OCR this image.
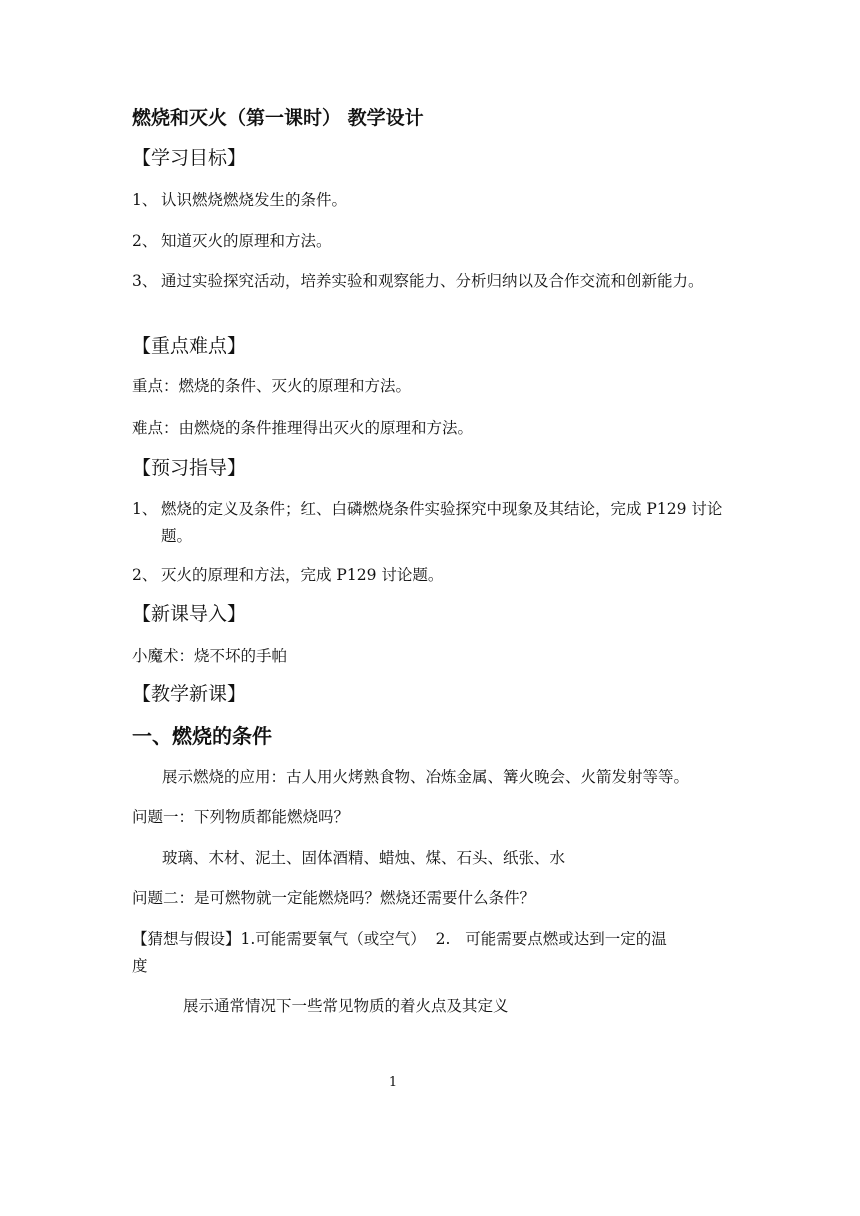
燃烧和灭火（第一课时） 教学设计
【学习目标】
1、 认识燃烧燃烧发生的条件。
2、 知道灭火的原理和方法。
3、 通过实验探究活动，培养实验和观察能力、分析归纳以及合作交流和创新能力。
【重点难点】
重点：燃烧的条件、灭火的原理和方法。
难点：由燃烧的条件推理得出灭火的原理和方法。
【预习指导】
1、 燃烧的定义及条件；红、白磷燃烧条件实验探究中现象及其结论，完成 P129 讨论题。
2、 灭火的原理和方法，完成 P129 讨论题。
【新课导入】
小魔术：烧不坏的手帕
【教学新课】
一、燃烧的条件
展示燃烧的应用：古人用火烤熟食物、冶炼金属、篝火晚会、火箭发射等等。
问题一：下列物质都能燃烧吗？
玻璃、木材、泥土、固体酒精、蜡烛、煤、石头、纸张、水
问题二：是可燃物就一定能燃烧吗？燃烧还需要什么条件？
【猜想与假设】1.可能需要氧气（或空气）  2.   可能需要点燃或达到一定的温
度
展示通常情况下一些常见物质的着火点及其定义
1
